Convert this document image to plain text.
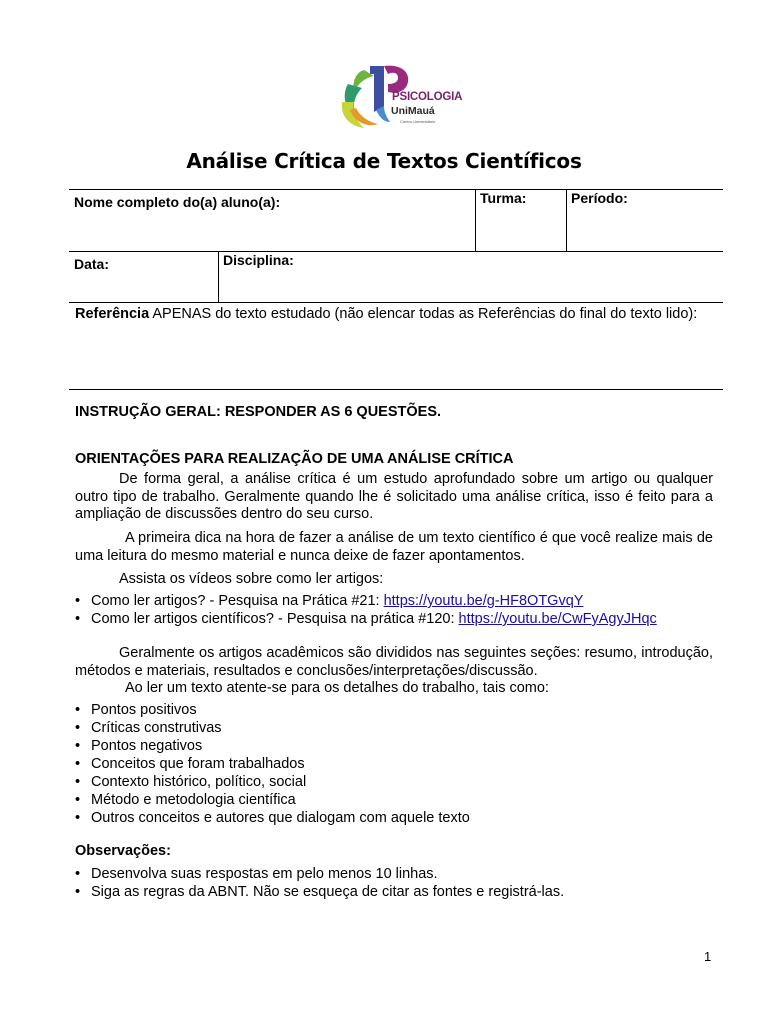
PSICOLOGIA
UniMauá
Centro Universitário
Análise Crítica de Textos Científicos
Nome completo do(a) aluno(a):	Turma:	Período:
Data:	Disciplina:
Referência APENAS do texto estudado (não elencar todas as Referências do final do texto lido):
INSTRUÇÃO GERAL: RESPONDER AS 6 QUESTÕES.
ORIENTAÇÕES PARA REALIZAÇÃO DE UMA ANÁLISE CRÍTICA
De forma geral, a análise crítica é um estudo aprofundado sobre um artigo ou qualquer outro tipo de trabalho. Geralmente quando lhe é solicitado uma análise crítica, isso é feito para a ampliação de discussões dentro do seu curso.
A primeira dica na hora de fazer a análise de um texto científico é que você realize mais de uma leitura do mesmo material e nunca deixe de fazer apontamentos.
Assista os vídeos sobre como ler artigos:
• Como ler artigos? - Pesquisa na Prática #21: https://youtu.be/g-HF8OTGvqY
• Como ler artigos científicos? - Pesquisa na prática #120: https://youtu.be/CwFyAgyJHqc
Geralmente os artigos acadêmicos são divididos nas seguintes seções: resumo, introdução, métodos e materiais, resultados e conclusões/interpretações/discussão.
Ao ler um texto atente-se para os detalhes do trabalho, tais como:
• Pontos positivos
• Críticas construtivas
• Pontos negativos
• Conceitos que foram trabalhados
• Contexto histórico, político, social
• Método e metodologia científica
• Outros conceitos e autores que dialogam com aquele texto
Observações:
• Desenvolva suas respostas em pelo menos 10 linhas.
• Siga as regras da ABNT. Não se esqueça de citar as fontes e registrá-las.
1
